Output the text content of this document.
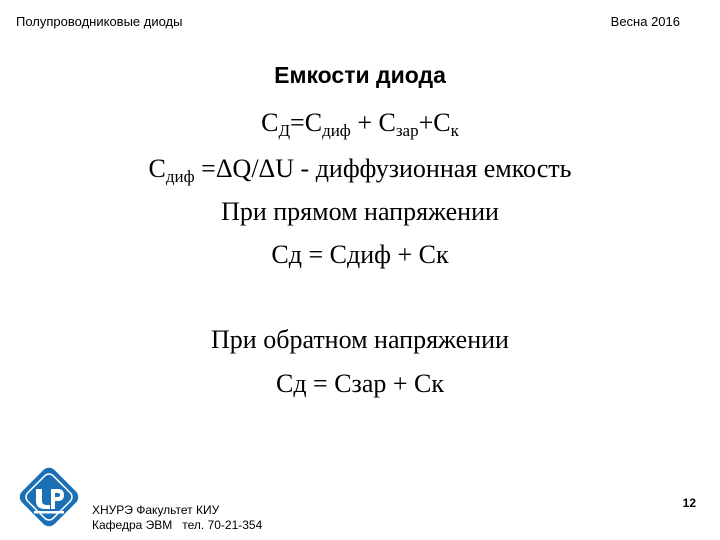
Полупроводниковые диоды	Весна 2016
Емкости диода
$С_Д=С_{диф} + С_{зар}+С_к$
$С_{диф} =\Delta Q/\Delta U$ - диффузионная емкость
При прямом напряжении
Сд = Сдиф + Ск
При обратном напряжении
Сд = Сзар + Ск
ХНУРЭ Факультет КИУ
Кафедра ЭВМ тел. 70-21-354
12
